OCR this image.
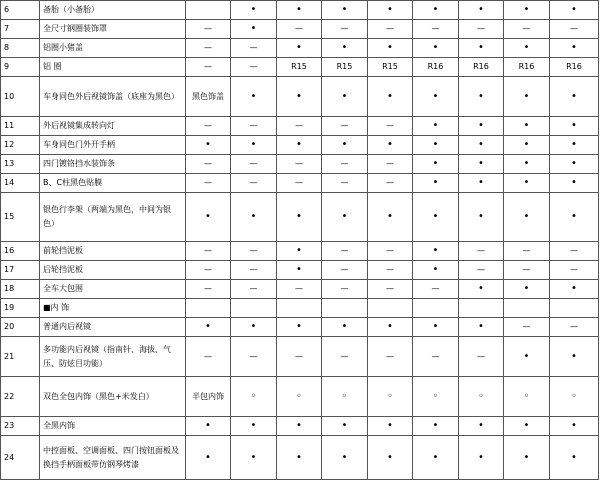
6	备胎（小备胎）		•	•	•	•	•	•	•	•
7	全尺寸钢圈装饰罩	—	•	—	—	—	—	—	—	—
8	铝圈小猪盖	—	—	•	•	•	•	•	•	•
9	铝 圈	—	—	R15	R15	R15	R16	R16	R16	R16
10	车身同色外后视镜饰盖（底座为黑色）	黑色饰盖	•	•	•	•	•	•	•	•
11	外后视镜集成转向灯	—	—	—	—	—	•	•	•	•
12	车身同色门外开手柄	•	•	•	•	•	•	•	•	•
13	四门镀铬挡水装饰条	—	—	—	—	—	•	•	•	•
14	B、C柱黑色贴膜	—	—	—	—	—	•	•	•	•
15	银色行李架（两端为黑色，中间为银色）	•	•	•	•	•	•	•	•	•
16	前轮挡泥板	—	—	•	—	—	•	—	—	—
17	后轮挡泥板	—	—	•	—	—	•	—	—	—
18	全车大包围	—	—	—	—	—	—	•	•	•
19	■内 饰									
20	普通内后视镜	•	•	•	•	•	•	•	—	—
21	多功能内后视镜（指南针、海拔、气压、防炫目功能）	—	—	—	—	—	—	—	•	•
22	双色全包内饰（黑色+米发白）	半包内饰	◦	◦	◦	◦	◦	◦	◦	◦
23	全黑内饰	•	•	•	•	•	•	•	•	•
24	中控面板、空调面板、四门按钮面板及换挡手柄面板带仿钢琴烤漆	•	•	•	•	•	•	•	•	•
